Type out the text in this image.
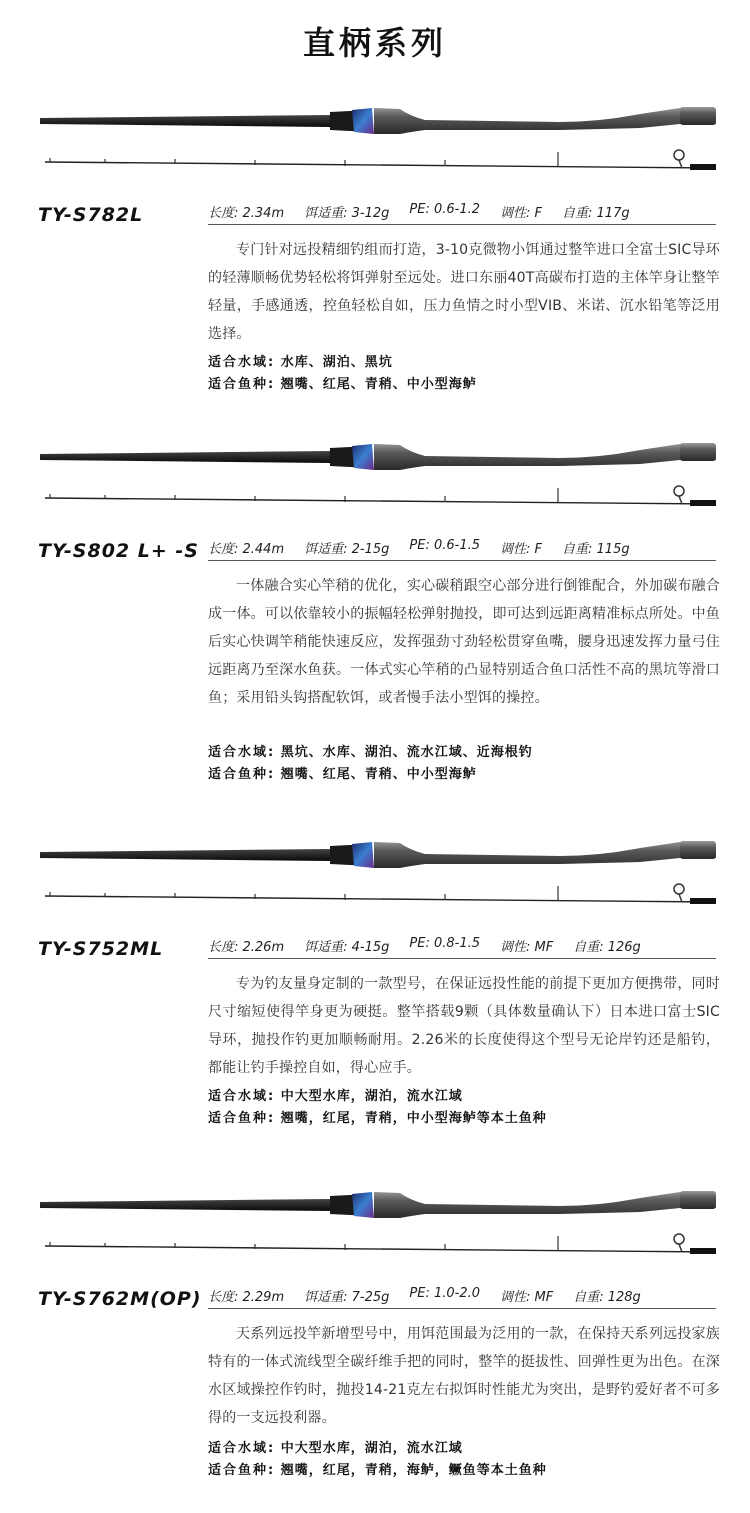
直柄系列
TY-S782L	长度: 2.34m 饵适重: 3-12g PE: 0.6-1.2 调性: F 自重: 117g
专门针对远投精细钓组而打造，3-10克微物小饵通过整竿进口全富士SIC导环的轻薄顺畅优势轻松将饵弹射至远处。进口东丽40T高碳布打造的主体竿身让整竿轻量，手感通透，控鱼轻松自如，压力鱼情之时小型VIB、米诺、沉水铅笔等泛用选择。
适合水域: 水库、湖泊、黑坑
适合鱼种: 翘嘴、红尾、青稍、中小型海鲈
TY-S802 L+ -S 长度: 2.44m 饵适重: 2-15g PE: 0.6-1.5 调性: F 自重: 115g
一体融合实心竿稍的优化，实心碳稍跟空心部分进行倒锥配合，外加碳布融合成一体。可以依靠较小的振幅轻松弹射抛投，即可达到远距离精准标点所处。中鱼后实心快调竿稍能快速反应，发挥强劲寸劲轻松贯穿鱼嘴，腰身迅速发挥力量弓住远距离乃至深水鱼获。一体式实心竿稍的凸显特别适合鱼口活性不高的黑坑等滑口鱼；采用铅头钩搭配软饵，或者慢手法小型饵的操控。
适合水域: 黑坑、水库、湖泊、流水江域、近海根钓
适合鱼种: 翘嘴、红尾、青稍、中小型海鲈
TY-S752ML	长度: 2.26m 饵适重: 4-15g PE: 0.8-1.5 调性: MF 自重: 126g
专为钓友量身定制的一款型号，在保证远投性能的前提下更加方便携带，同时尺寸缩短使得竿身更为硬挺。整竿搭载9颗（具体数量确认下）日本进口富士SIC 导环，抛投作钓更加顺畅耐用。2.26米的长度使得这个型号无论岸钓还是船钓，都能让钓手操控自如，得心应手。
适合水域: 中大型水库，湖泊，流水江域
适合鱼种: 翘嘴，红尾，青稍，中小型海鲈等本土鱼种
TY-S762M(OP) 长度: 2.29m 饵适重: 7-25g PE: 1.0-2.0 调性: MF 自重: 128g
天系列远投竿新增型号中，用饵范围最为泛用的一款，在保持天系列远投家族特有的一体式流线型全碳纤维手把的同时，整竿的挺拔性、回弹性更为出色。在深水区域操控作钓时，抛投14-21克左右拟饵时性能尤为突出，是野钓爱好者不可多得的一支远投利器。
适合水域: 中大型水库，湖泊，流水江域
适合鱼种: 翘嘴，红尾，青稍，海鲈，鳜鱼等本土鱼种
